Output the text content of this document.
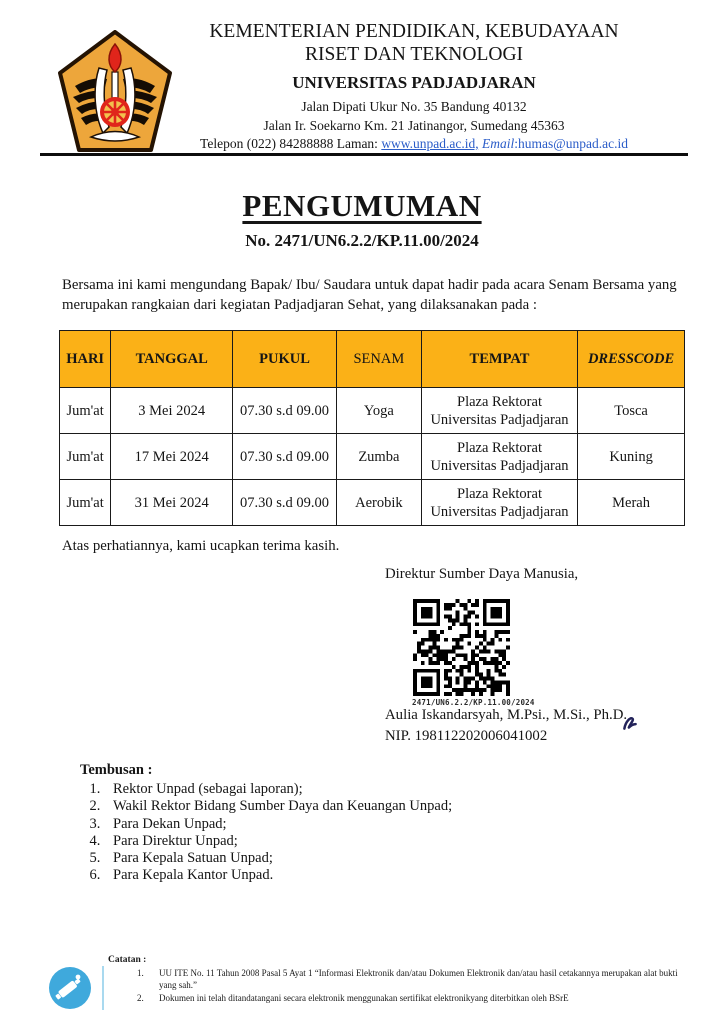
KEMENTERIAN PENDIDIKAN, KEBUDAYAAN
RISET DAN TEKNOLOGI
UNIVERSITAS PADJADJARAN
Jalan Dipati Ukur No. 35 Bandung 40132
Jalan Ir. Soekarno Km. 21 Jatinangor, Sumedang 45363
Telepon (022) 84288888 Laman: www.unpad.ac.id, Email:humas@unpad.ac.id
PENGUMUMAN
No. 2471/UN6.2.2/KP.11.00/2024
Bersama ini kami mengundang Bapak/ Ibu/ Saudara untuk dapat hadir pada acara Senam Bersama yang merupakan rangkaian dari kegiatan Padjadjaran Sehat, yang dilaksanakan pada :
HARI	TANGGAL	PUKUL	SENAM	TEMPAT	DRESSCODE
Jum'at	3 Mei 2024	07.30 s.d 09.00	Yoga	Plaza Rektorat Universitas Padjadjaran	Tosca
Jum'at	17 Mei 2024	07.30 s.d 09.00	Zumba	Plaza Rektorat Universitas Padjadjaran	Kuning
Jum'at	31 Mei 2024	07.30 s.d 09.00	Aerobik	Plaza Rektorat Universitas Padjadjaran	Merah
Atas perhatiannya, kami ucapkan terima kasih.
Direktur Sumber Daya Manusia,
2471/UN6.2.2/KP.11.00/2024
Aulia Iskandarsyah, M.Psi., M.Si., Ph.D.
NIP. 198112202006041002
Tembusan :
1. Rektor Unpad (sebagai laporan);
2. Wakil Rektor Bidang Sumber Daya dan Keuangan Unpad;
3. Para Dekan Unpad;
4. Para Direktur Unpad;
5. Para Kepala Satuan Unpad;
6. Para Kepala Kantor Unpad.
Catatan :
1. UU ITE No. 11 Tahun 2008 Pasal 5 Ayat 1 “Informasi Elektronik dan/atau Dokumen Elektronik dan/atau hasil cetakannya merupakan alat bukti yang sah.”
2. Dokumen ini telah ditandatangani secara elektronik menggunakan sertifikat elektronikyang diterbitkan oleh BSrE
